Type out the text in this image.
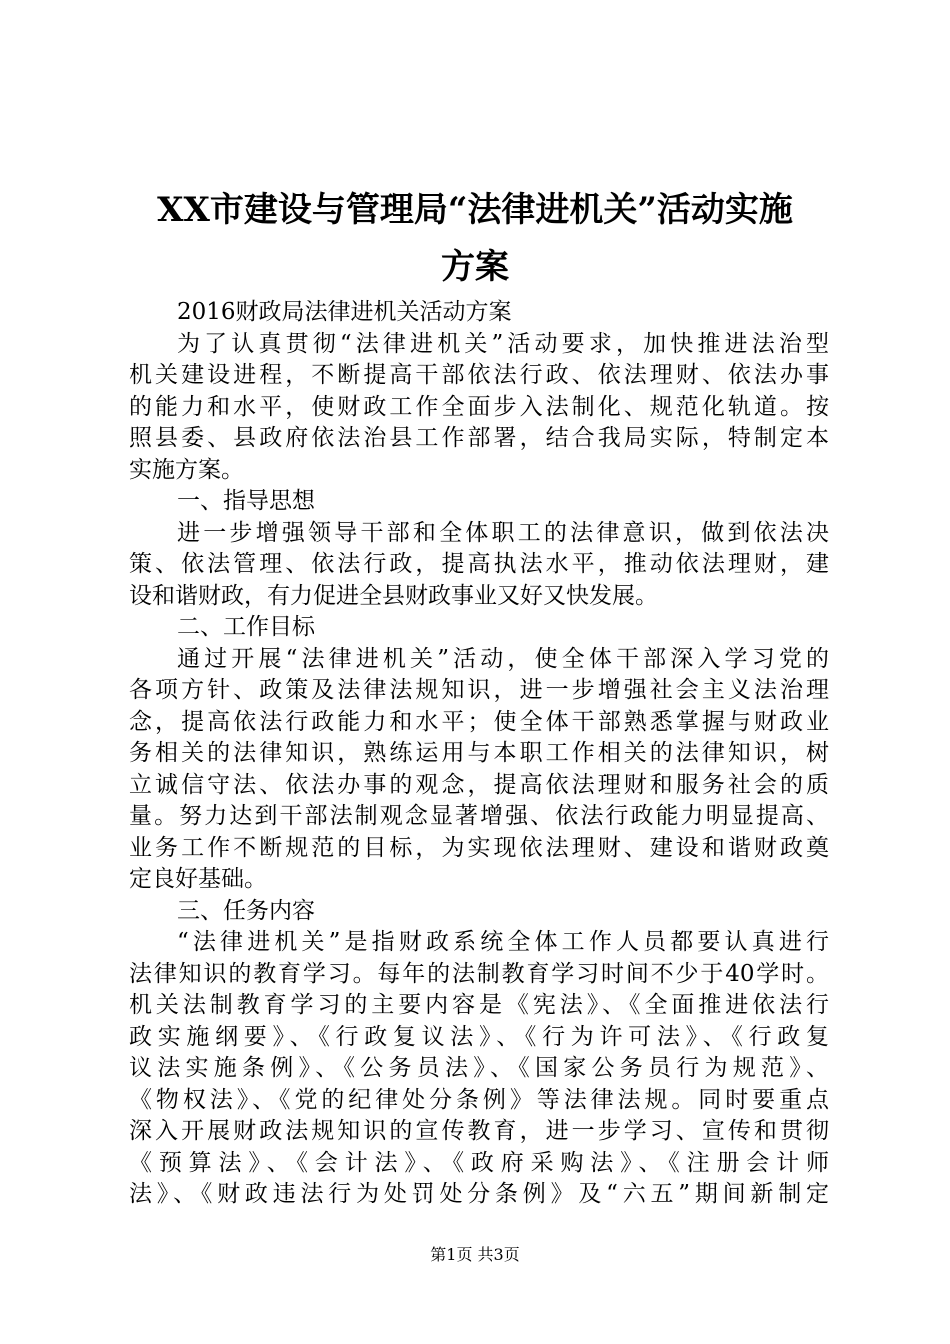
XX市建设与管理局“法律进机关”活动实施
方案
2016财政局法律进机关活动方案
为了认真贯彻“法律进机关”活动要求，加快推进法治型
机关建设进程，不断提高干部依法行政、依法理财、依法办事
的能力和水平，使财政工作全面步入法制化、规范化轨道。按
照县委、县政府依法治县工作部署，结合我局实际，特制定本
实施方案。
一、指导思想
进一步增强领导干部和全体职工的法律意识，做到依法决
策、依法管理、依法行政，提高执法水平，推动依法理财，建
设和谐财政，有力促进全县财政事业又好又快发展。
二、工作目标
通过开展“法律进机关”活动，使全体干部深入学习党的
各项方针、政策及法律法规知识，进一步增强社会主义法治理
念，提高依法行政能力和水平；使全体干部熟悉掌握与财政业
务相关的法律知识，熟练运用与本职工作相关的法律知识，树
立诚信守法、依法办事的观念，提高依法理财和服务社会的质
量。努力达到干部法制观念显著增强、依法行政能力明显提高、
业务工作不断规范的目标，为实现依法理财、建设和谐财政奠
定良好基础。
三、任务内容
“法律进机关”是指财政系统全体工作人员都要认真进行
法律知识的教育学习。每年的法制教育学习时间不少于40学时。
机关法制教育学习的主要内容是《宪法》、《全面推进依法行
政实施纲要》、《行政复议法》、《行为许可法》、《行政复
议法实施条例》、《公务员法》、《国家公务员行为规范》、
《物权法》、《党的纪律处分条例》等法律法规。同时要重点
深入开展财政法规知识的宣传教育，进一步学习、宣传和贯彻
《预算法》、《会计法》、《政府采购法》、《注册会计师
法》、《财政违法行为处罚处分条例》及“六五”期间新制定
第1页 共3页
